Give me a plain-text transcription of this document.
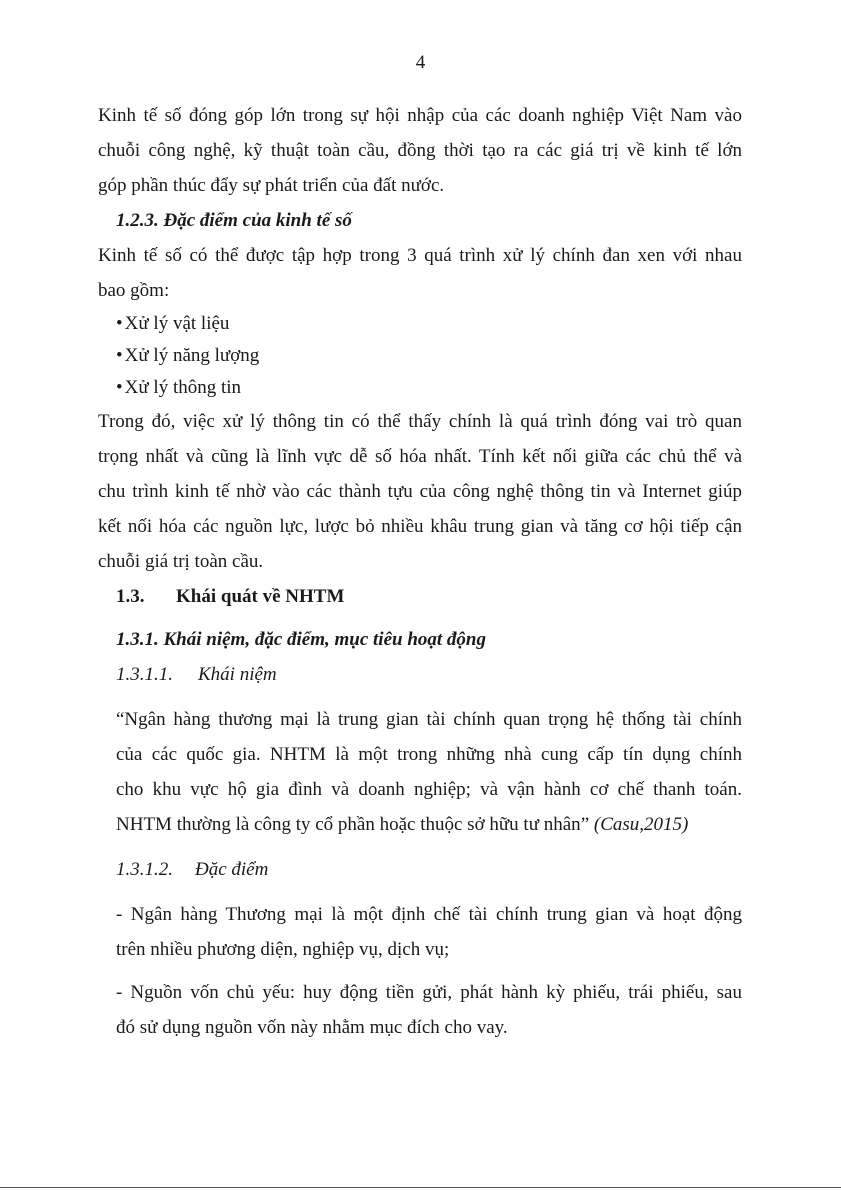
4

Kinh tế số đóng góp lớn trong sự hội nhập của các doanh nghiệp Việt Nam vào

chuỗi công nghệ, kỹ thuật toàn cầu, đồng thời tạo ra các giá trị về kinh tế lớn

góp phần thúc đẩy sự phát triển của đất nước.

1.2.3. Đặc điểm của kinh tế số

Kinh tế số có thể được tập hợp trong 3 quá trình xử lý chính đan xen với nhau

bao gồm:

• Xử lý vật liệu

• Xử lý năng lượng

• Xử lý thông tin

Trong đó, việc xử lý thông tin có thể thấy chính là quá trình đóng vai trò quan

trọng nhất và cũng là lĩnh vực dễ số hóa nhất. Tính kết nối giữa các chủ thể và

chu trình kinh tế nhờ vào các thành tựu của công nghệ thông tin và Internet giúp

kết nối hóa các nguồn lực, lược bỏ nhiều khâu trung gian và tăng cơ hội tiếp cận

chuỗi giá trị toàn cầu.

1.3. Khái quát về NHTM

1.3.1. Khái niệm, đặc điểm, mục tiêu hoạt động

1.3.1.1. Khái niệm

“Ngân hàng thương mại là trung gian tài chính quan trọng hệ thống tài chính

của các quốc gia. NHTM là một trong những nhà cung cấp tín dụng chính

cho khu vực hộ gia đình và doanh nghiệp; và vận hành cơ chế thanh toán.

NHTM thường là công ty cổ phần hoặc thuộc sở hữu tư nhân” (Casu,2015)

1.3.1.2. Đặc điểm

- Ngân hàng Thương mại là một định chế tài chính trung gian và hoạt động

trên nhiều phương diện, nghiệp vụ, dịch vụ;

- Nguồn vốn chủ yếu: huy động tiền gửi, phát hành kỳ phiếu, trái phiếu, sau

đó sử dụng nguồn vốn này nhằm mục đích cho vay.
